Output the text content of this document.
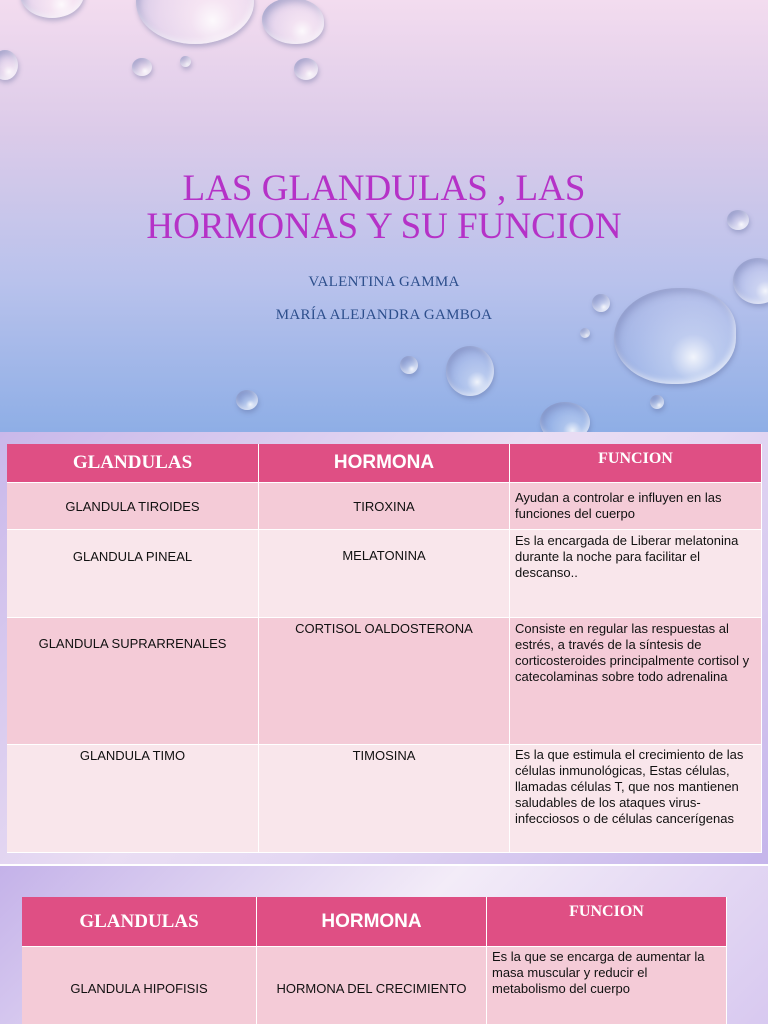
LAS GLANDULAS , LAS
HORMONAS Y SU FUNCION
VALENTINA GAMMA
MARÍA ALEJANDRA GAMBOA
GLANDULAS	HORMONA	FUNCION
GLANDULA TIROIDES	TIROXINA	Ayudan a controlar e influyen en las funciones del cuerpo
GLANDULA PINEAL	MELATONINA	Es la encargada de Liberar melatonina durante la noche para facilitar el descanso..
GLANDULA SUPRARRENALES	CORTISOL OALDOSTERONA	Consiste en regular las respuestas al estrés, a través de la síntesis de corticosteroides principalmente cortisol y catecolaminas sobre todo adrenalina
GLANDULA TIMO	TIMOSINA	Es la que estimula el crecimiento de las células inmunológicas, Estas células, llamadas células T, que nos mantienen saludables de los ataques virus-infecciosos o de células cancerígenas
GLANDULAS	HORMONA	FUNCION
GLANDULA HIPOFISIS	HORMONA DEL CRECIMIENTO	Es la que se encarga de aumentar la masa muscular y reducir el metabolismo del cuerpo
